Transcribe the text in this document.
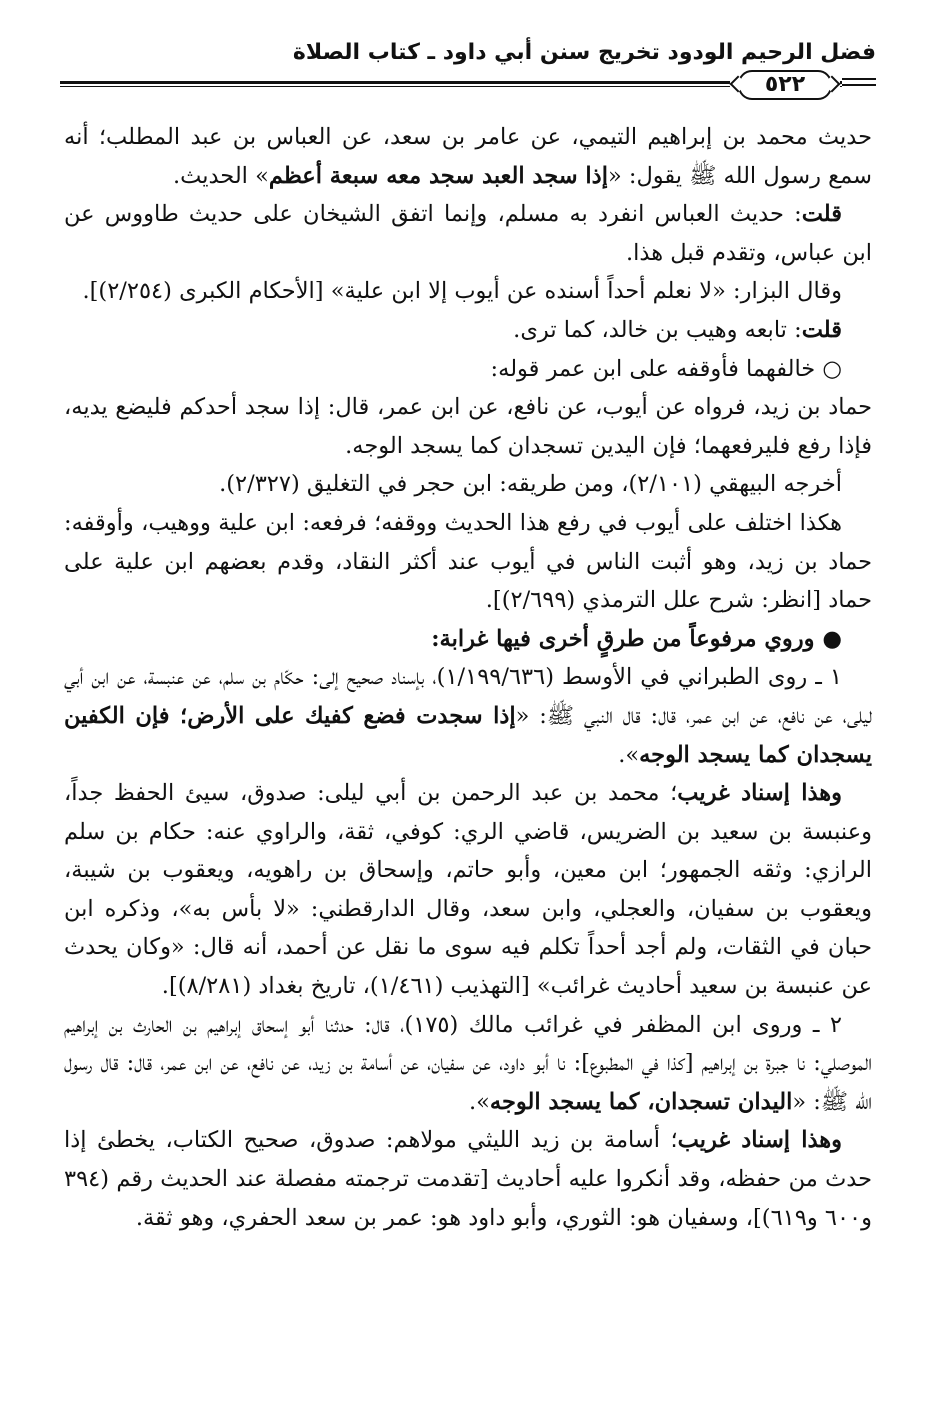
فضل الرحيم الودود تخريج سنن أبي داود ـ كتاب الصلاة
٥٢٢

حديث محمد بن إبراهيم التيمي، عن عامر بن سعد، عن العباس بن عبد المطلب؛ أنه سمع رسول الله ﷺ يقول: «إذا سجد العبد سجد معه سبعة أعظم» الحديث.

قلت: حديث العباس انفرد به مسلم، وإنما اتفق الشيخان على حديث طاووس عن ابن عباس، وتقدم قبل هذا.

وقال البزار: «لا نعلم أحداً أسنده عن أيوب إلا ابن علية» [الأحكام الكبرى (٢/٢٥٤)].

قلت: تابعه وهيب بن خالد، كما ترى.

○ خالفهما فأوقفه على ابن عمر قوله:

حماد بن زيد، فرواه عن أيوب، عن نافع، عن ابن عمر، قال: إذا سجد أحدكم فليضع يديه، فإذا رفع فليرفعهما؛ فإن اليدين تسجدان كما يسجد الوجه.

أخرجه البيهقي (٢/١٠١)، ومن طريقه: ابن حجر في التغليق (٢/٣٢٧).

هكذا اختلف على أيوب في رفع هذا الحديث ووقفه؛ فرفعه: ابن علية ووهيب، وأوقفه: حماد بن زيد، وهو أثبت الناس في أيوب عند أكثر النقاد، وقدم بعضهم ابن علية على حماد [انظر: شرح علل الترمذي (٢/٦٩٩)].

● وروي مرفوعاً من طرقٍ أخرى فيها غرابة:

١ ـ روى الطبراني في الأوسط (١/١٩٩/٦٣٦)، بإسناد صحيح إلى: حكّام بن سلم، عن عنبسة، عن ابن أبي ليلى، عن نافع، عن ابن عمر، قال: قال النبي ﷺ: «إذا سجدت فضع كفيك على الأرض؛ فإن الكفين يسجدان كما يسجد الوجه».

وهذا إسناد غريب؛ محمد بن عبد الرحمن بن أبي ليلى: صدوق، سيئ الحفظ جداً، وعنبسة بن سعيد بن الضريس، قاضي الري: كوفي، ثقة، والراوي عنه: حكام بن سلم الرازي: وثقه الجمهور؛ ابن معين، وأبو حاتم، وإسحاق بن راهويه، ويعقوب بن شيبة، ويعقوب بن سفيان، والعجلي، وابن سعد، وقال الدارقطني: «لا بأس به»، وذكره ابن حبان في الثقات، ولم أجد أحداً تكلم فيه سوى ما نقل عن أحمد، أنه قال: «وكان يحدث عن عنبسة بن سعيد أحاديث غرائب» [التهذيب (١/٤٦١)، تاريخ بغداد (٨/٢٨١)].

٢ ـ وروى ابن المظفر في غرائب مالك (١٧٥)، قال: حدثنا أبو إسحاق إبراهيم بن الحارث بن إبراهيم الموصلي: نا جبرة بن إبراهيم [كذا في المطبوع]: نا أبو داود، عن سفيان، عن أسامة بن زيد، عن نافع، عن ابن عمر، قال: قال رسول الله ﷺ: «اليدان تسجدان، كما يسجد الوجه».

وهذا إسناد غريب؛ أسامة بن زيد الليثي مولاهم: صدوق، صحيح الكتاب، يخطئ إذا حدث من حفظه، وقد أنكروا عليه أحاديث [تقدمت ترجمته مفصلة عند الحديث رقم (٣٩٤ و٦٠٠ و٦١٩)]، وسفيان هو: الثوري، وأبو داود هو: عمر بن سعد الحفري، وهو ثقة.
